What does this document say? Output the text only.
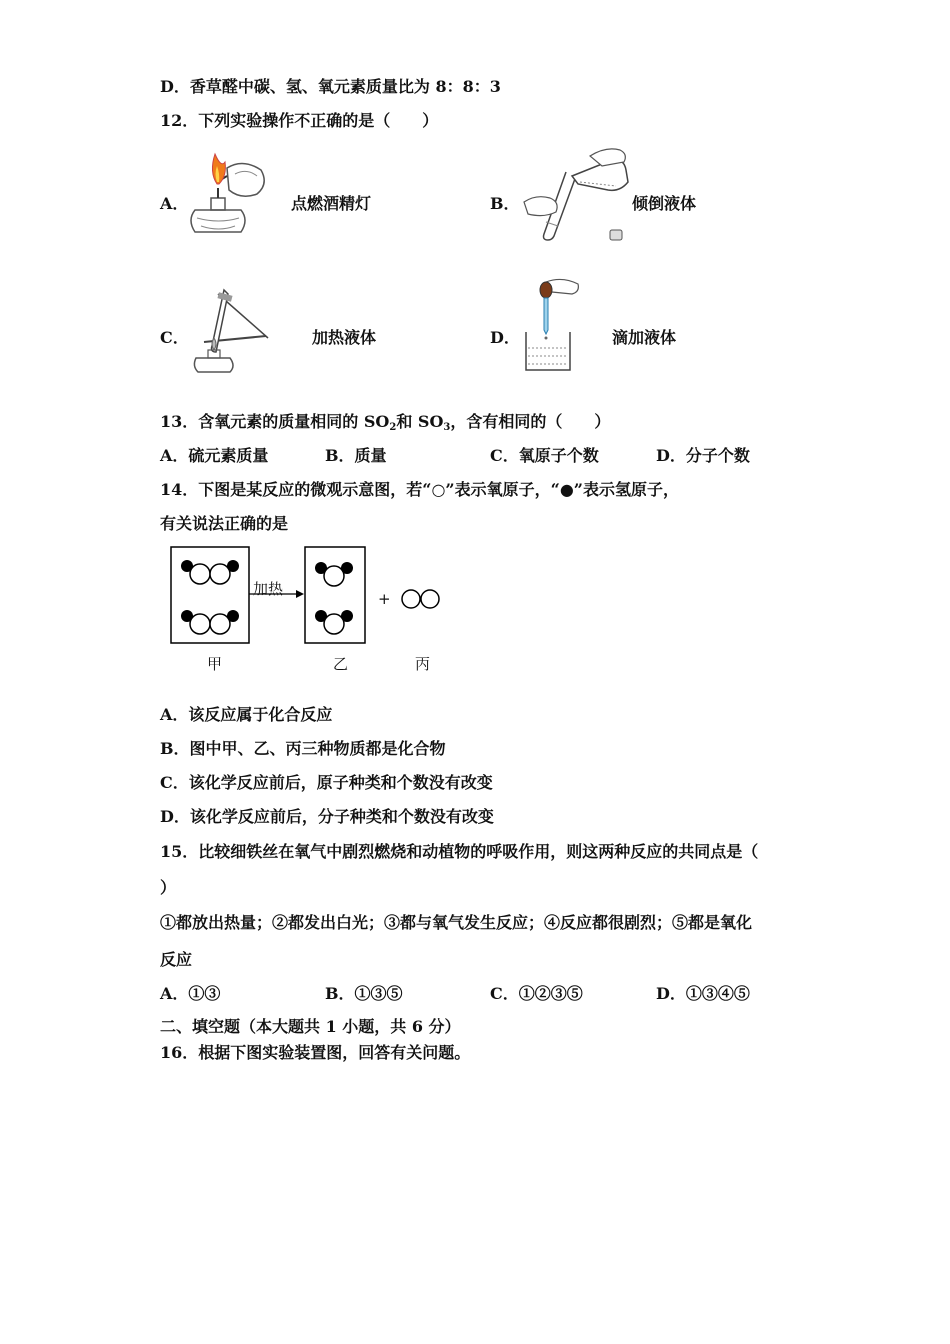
D．香草醛中碳、氢、氧元素质量比为 8：8：3
12．下列实验操作不正确的是（　　）
A．	点燃酒精灯	B．	倾倒液体
C．	加热液体	D．	滴加液体
13．含氧元素的质量相同的 $SO_2$和 $SO_3$，含有相同的（　　）
A．硫元素质量	B．质量	C．氧原子个数	D．分子个数
14．下图是某反应的微观示意图，若“○”表示氧原子，“●”表示氢原子，
有关说法正确的是
加热
+
甲	乙	丙
A．该反应属于化合反应
B．图中甲、乙、丙三种物质都是化合物
C．该化学反应前后，原子种类和个数没有改变
D．该化学反应前后，分子种类和个数没有改变
15．比较细铁丝在氧气中剧烈燃烧和动植物的呼吸作用，则这两种反应的共同点是（
）
①都放出热量；②都发出白光；③都与氧气发生反应；④反应都很剧烈；⑤都是氧化
反应
A．①③	B．①③⑤	C．①②③⑤	D．①③④⑤
二、填空题（本大题共 1 小题，共 6 分）
16．根据下图实验装置图，回答有关问题。
